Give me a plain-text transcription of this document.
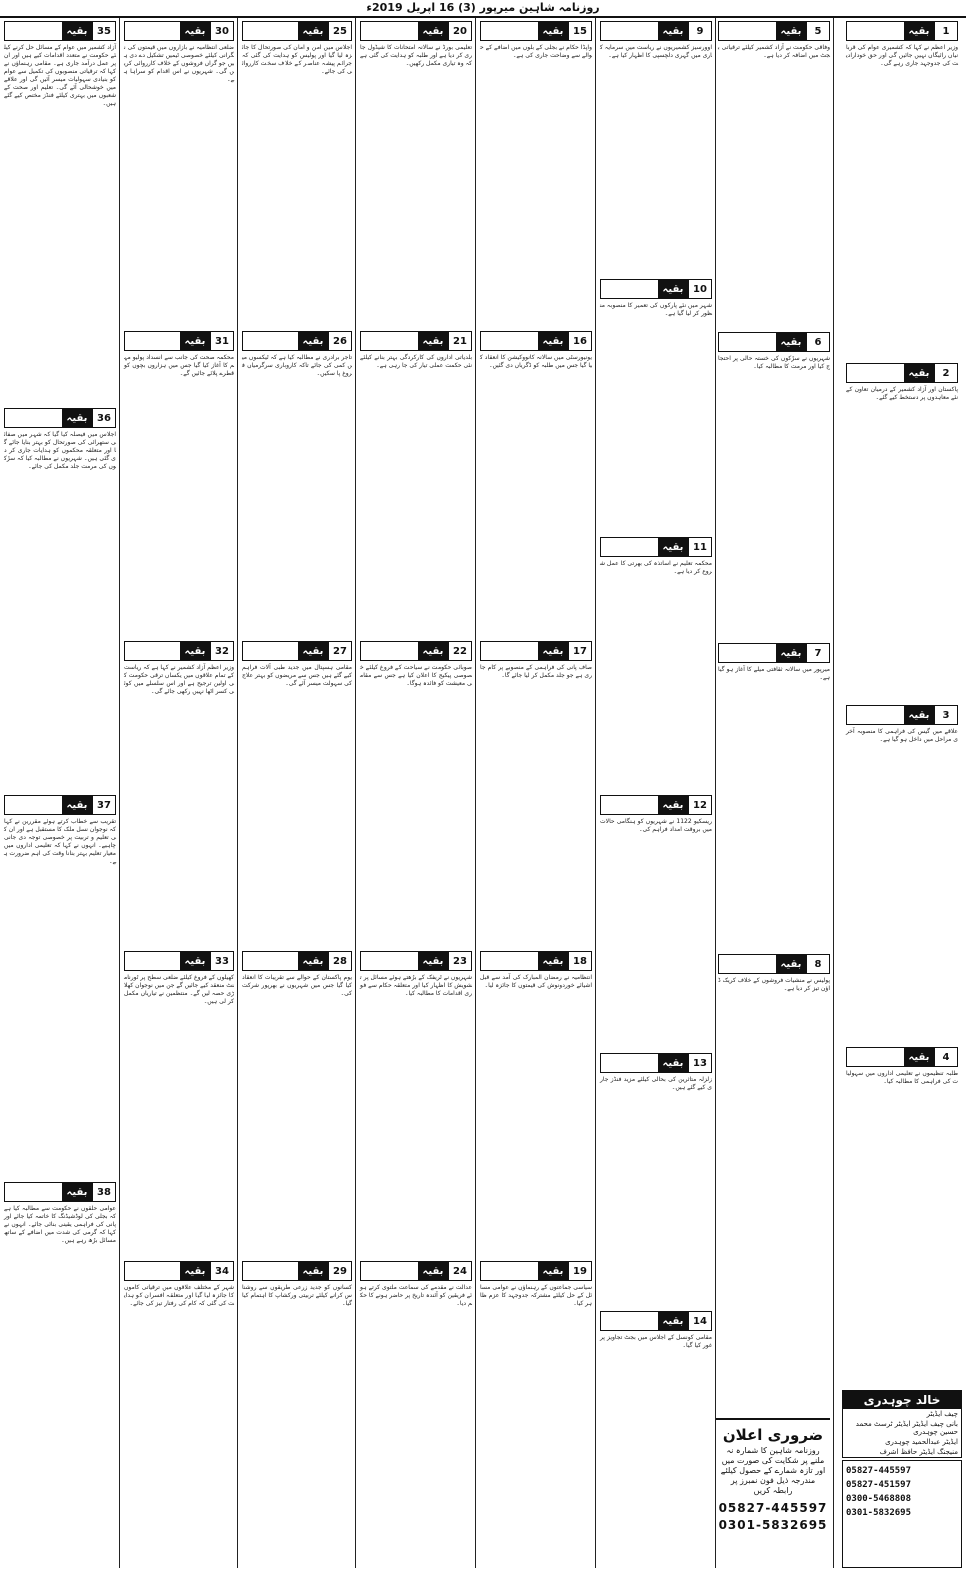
روزنامہ شاہین میرپور (3) 16 اپریل 2019ء
35
بقیہ
آزاد کشمیر میں عوام کے مسائل حل کرنے کیلئے حکومت نے متعدد اقدامات کیے ہیں اور ان پر عمل درآمد جاری ہے۔ مقامی رہنماؤں نے کہا کہ ترقیاتی منصوبوں کی تکمیل سے عوام کو بنیادی سہولیات میسر آئیں گی اور علاقے میں خوشحالی آئے گی۔ تعلیم اور صحت کے شعبوں میں بہتری کیلئے فنڈز مختص کیے گئے ہیں۔
36
بقیہ
اجلاس میں فیصلہ کیا گیا کہ شہر میں صفائی ستھرائی کی صورتحال کو بہتر بنایا جائے گا اور متعلقہ محکموں کو ہدایات جاری کر دی گئی ہیں۔ شہریوں نے مطالبہ کیا کہ سڑکوں کی مرمت جلد مکمل کی جائے۔
37
بقیہ
تقریب سے خطاب کرتے ہوئے مقررین نے کہا کہ نوجوان نسل ملک کا مستقبل ہے اور ان کی تعلیم و تربیت پر خصوصی توجہ دی جانی چاہیے۔ انہوں نے کہا کہ تعلیمی اداروں میں معیار تعلیم بہتر بنانا وقت کی اہم ضرورت ہے۔
38
بقیہ
عوامی حلقوں نے حکومت سے مطالبہ کیا ہے کہ بجلی کی لوڈشیڈنگ کا خاتمہ کیا جائے اور پانی کی فراہمی یقینی بنائی جائے۔ انہوں نے کہا کہ گرمی کی شدت میں اضافے کے ساتھ مسائل بڑھ رہے ہیں۔
30
بقیہ
ضلعی انتظامیہ نے بازاروں میں قیمتوں کی نگرانی کیلئے خصوصی ٹیمیں تشکیل دے دی ہیں جو گراں فروشوں کے خلاف کارروائی کریں گی۔ شہریوں نے اس اقدام کو سراہا ہے۔
31
بقیہ
محکمہ صحت کی جانب سے انسداد پولیو مہم کا آغاز کیا گیا جس میں ہزاروں بچوں کو قطرے پلائے جائیں گے۔
32
بقیہ
وزیر اعظم آزاد کشمیر نے کہا ہے کہ ریاست کے تمام علاقوں میں یکساں ترقی حکومت کی اولین ترجیح ہے اور اس سلسلے میں کوئی کسر اٹھا نہیں رکھی جائے گی۔
33
بقیہ
کھیلوں کے فروغ کیلئے ضلعی سطح پر ٹورنامنٹ منعقد کیے جائیں گے جن میں نوجوان کھلاڑی حصہ لیں گے۔ منتظمین نے تیاریاں مکمل کر لی ہیں۔
34
بقیہ
شہر کے مختلف علاقوں میں ترقیاتی کاموں کا جائزہ لیا گیا اور متعلقہ افسران کو ہدایت کی گئی کہ کام کی رفتار تیز کی جائے۔
25
بقیہ
اجلاس میں امن و امان کی صورتحال کا جائزہ لیا گیا اور پولیس کو ہدایت کی گئی کہ جرائم پیشہ عناصر کے خلاف سخت کارروائی کی جائے۔
26
بقیہ
تاجر برادری نے مطالبہ کیا ہے کہ ٹیکسوں میں کمی کی جائے تاکہ کاروباری سرگرمیاں فروغ پا سکیں۔
27
بقیہ
مقامی ہسپتال میں جدید طبی آلات فراہم کیے گئے ہیں جس سے مریضوں کو بہتر علاج کی سہولت میسر آئے گی۔
28
بقیہ
یوم پاکستان کے حوالے سے تقریبات کا انعقاد کیا گیا جس میں شہریوں نے بھرپور شرکت کی۔
29
بقیہ
کسانوں کو جدید زرعی طریقوں سے روشناس کرانے کیلئے تربیتی ورکشاپ کا اہتمام کیا گیا۔
20
بقیہ
تعلیمی بورڈ نے سالانہ امتحانات کا شیڈول جاری کر دیا ہے اور طلبہ کو ہدایت کی گئی ہے کہ وہ تیاری مکمل رکھیں۔
21
بقیہ
بلدیاتی اداروں کی کارکردگی بہتر بنانے کیلئے نئی حکمت عملی تیار کی جا رہی ہے۔
22
بقیہ
صوبائی حکومت نے سیاحت کے فروغ کیلئے خصوصی پیکیج کا اعلان کیا ہے جس سے مقامی معیشت کو فائدہ ہوگا۔
23
بقیہ
شہریوں نے ٹریفک کے بڑھتے ہوئے مسائل پر تشویش کا اظہار کیا اور متعلقہ حکام سے فوری اقدامات کا مطالبہ کیا۔
24
بقیہ
عدالت نے مقدمے کی سماعت ملتوی کرتے ہوئے فریقین کو آئندہ تاریخ پر حاضر ہونے کا حکم دیا۔
15
بقیہ
واپڈا حکام نے بجلی کے بلوں میں اضافے کے حوالے سے وضاحت جاری کی ہے۔
16
بقیہ
یونیورسٹی میں سالانہ کانووکیشن کا انعقاد کیا گیا جس میں طلبہ کو ڈگریاں دی گئیں۔
17
بقیہ
صاف پانی کی فراہمی کے منصوبے پر کام جاری ہے جو جلد مکمل کر لیا جائے گا۔
18
بقیہ
انتظامیہ نے رمضان المبارک کی آمد سے قبل اشیائے خوردونوش کی قیمتوں کا جائزہ لیا۔
19
بقیہ
سیاسی جماعتوں کے رہنماؤں نے عوامی مسائل کے حل کیلئے مشترکہ جدوجہد کا عزم ظاہر کیا۔
9
بقیہ
اوورسیز کشمیریوں نے ریاست میں سرمایہ کاری میں گہری دلچسپی کا اظہار کیا ہے۔
10
بقیہ
شہر میں نئے پارکوں کی تعمیر کا منصوبہ منظور کر لیا گیا ہے۔
11
بقیہ
محکمہ تعلیم نے اساتذہ کی بھرتی کا عمل شروع کر دیا ہے۔
12
بقیہ
ریسکیو 1122 نے شہریوں کو ہنگامی حالات میں بروقت امداد فراہم کی۔
13
بقیہ
زلزلہ متاثرین کی بحالی کیلئے مزید فنڈز جاری کیے گئے ہیں۔
14
بقیہ
مقامی کونسل کے اجلاس میں بجٹ تجاویز پر غور کیا گیا۔
5
بقیہ
وفاقی حکومت نے آزاد کشمیر کیلئے ترقیاتی بجٹ میں اضافہ کر دیا ہے۔
6
بقیہ
شہریوں نے سڑکوں کی خستہ حالی پر احتجاج کیا اور مرمت کا مطالبہ کیا۔
7
بقیہ
میرپور میں سالانہ ثقافتی میلے کا آغاز ہو گیا ہے۔
8
بقیہ
پولیس نے منشیات فروشوں کے خلاف کریک ڈاؤن تیز کر دیا ہے۔
1
بقیہ
وزیر اعظم نے کہا کہ کشمیری عوام کی قربانیاں رائیگاں نہیں جائیں گی اور حق خودارادیت کی جدوجہد جاری رہے گی۔
2
بقیہ
پاکستان اور آزاد کشمیر کے درمیان تعاون کے نئے معاہدوں پر دستخط کیے گئے۔
3
بقیہ
علاقے میں گیس کی فراہمی کا منصوبہ آخری مراحل میں داخل ہو گیا ہے۔
4
بقیہ
طلبہ تنظیموں نے تعلیمی اداروں میں سہولیات کی فراہمی کا مطالبہ کیا۔
خالد چوہدری
چیف ایڈیٹر
بانی چیف ایڈیٹر ایڈیٹر ٹرسٹ محمد حسین چوہدری
ایڈیٹر عبدالحمید چوہدری
منیجنگ ایڈیٹر حافظ اشرف
05827-445597
05827-451597
0300-5468808
0301-5832695
ضروری اعلان
روزنامہ شاہین کا شمارہ نہ ملنے پر شکایت کی صورت میں اور تازہ شمارے کے حصول کیلئے مندرجہ ذیل فون نمبرز پر رابطہ کریں
05827-445597
0301-5832695
